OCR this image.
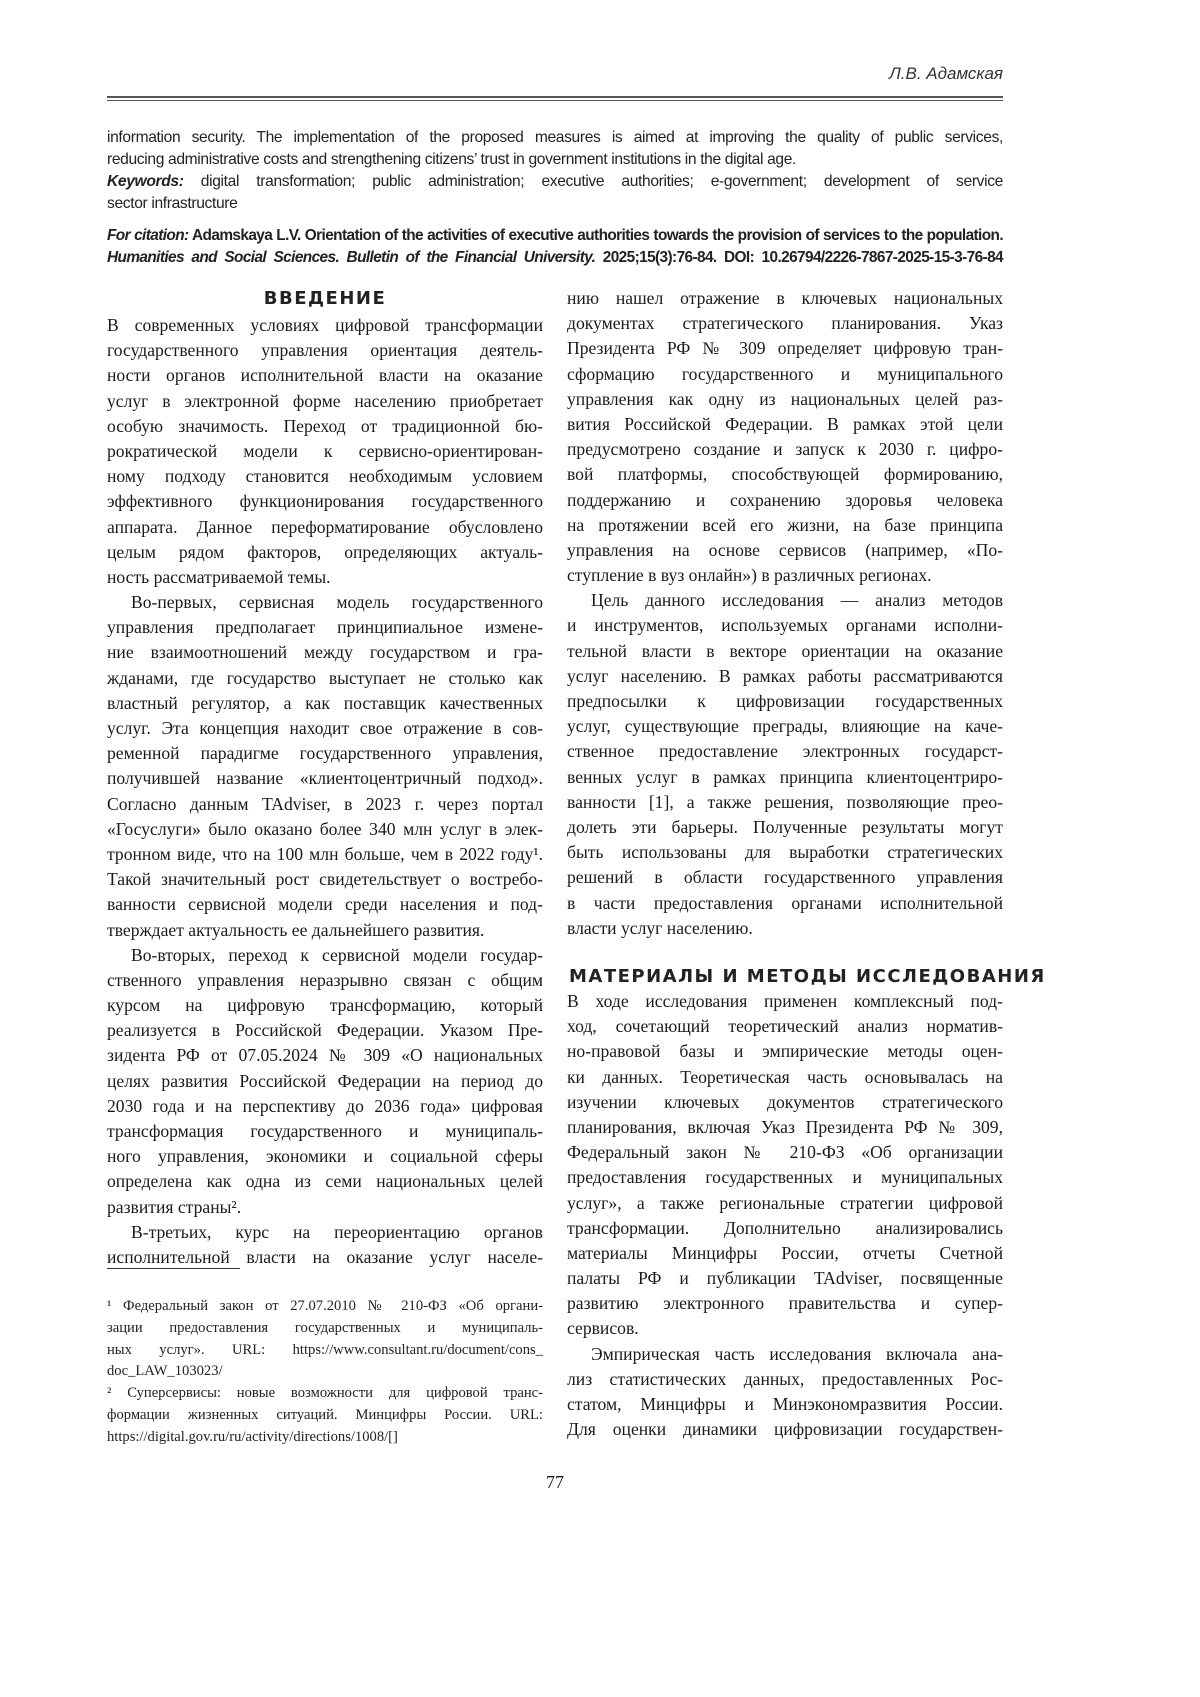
Л.В. Адамская
information security. The implementation of the proposed measures is aimed at improving the quality of public services,
reducing administrative costs and strengthening citizens’ trust in government institutions in the digital age.
Keywords: digital transformation; public administration; executive authorities; e-government; development of service
sector infrastructure
For citation: Adamskaya L.V. Orientation of the activities of executive authorities towards the provision of services to the population.
Humanities and Social Sciences. Bulletin of the Financial University. 2025;15(3):76-84. DOI: 10.26794/2226-7867-2025-15-3-76-84
ВВЕДЕНИЕ
В современных условиях цифровой трансформации
государственного управления ориентация деятель-
ности органов исполнительной власти на оказание
услуг в электронной форме населению приобретает
особую значимость. Переход от традиционной бю-
рократической модели к сервисно-ориентирован-
ному подходу становится необходимым условием
эффективного функционирования государственного
аппарата. Данное переформатирование обусловлено
целым рядом факторов, определяющих актуаль-
ность рассматриваемой темы.
Во-первых, сервисная модель государственного
управления предполагает принципиальное измене-
ние взаимоотношений между государством и гра-
жданами, где государство выступает не столько как
властный регулятор, а как поставщик качественных
услуг. Эта концепция находит свое отражение в сов-
ременной парадигме государственного управления,
получившей название «клиентоцентричный подход».
Согласно данным TAdviser, в 2023 г. через портал
«Госуслуги» было оказано более 340 млн услуг в элек-
тронном виде, что на 100 млн больше, чем в 2022 году¹.
Такой значительный рост свидетельствует о востребо-
ванности сервисной модели среди населения и под-
тверждает актуальность ее дальнейшего развития.
Во-вторых, переход к сервисной модели государ-
ственного управления неразрывно связан с общим
курсом на цифровую трансформацию, который
реализуется в Российской Федерации. Указом Пре-
зидента РФ от 07.05.2024 № 309 «О национальных
целях развития Российской Федерации на период до
2030 года и на перспективу до 2036 года» цифровая
трансформация государственного и муниципаль-
ного управления, экономики и социальной сферы
определена как одна из семи национальных целей
развития страны².
В-третьих, курс на переориентацию органов
исполнительной власти на оказание услуг населе-
нию нашел отражение в ключевых национальных
документах стратегического планирования. Указ
Президента РФ № 309 определяет цифровую тран-
сформацию государственного и муниципального
управления как одну из национальных целей раз-
вития Российской Федерации. В рамках этой цели
предусмотрено создание и запуск к 2030 г. цифро-
вой платформы, способствующей формированию,
поддержанию и сохранению здоровья человека
на протяжении всей его жизни, на базе принципа
управления на основе сервисов (например, «По-
ступление в вуз онлайн») в различных регионах.
Цель данного исследования — анализ методов
и инструментов, используемых органами исполни-
тельной власти в векторе ориентации на оказание
услуг населению. В рамках работы рассматриваются
предпосылки к цифровизации государственных
услуг, существующие преграды, влияющие на каче-
ственное предоставление электронных государст-
венных услуг в рамках принципа клиентоцентриро-
ванности [1], а также решения, позволяющие прео-
долеть эти барьеры. Полученные результаты могут
быть использованы для выработки стратегических
решений в области государственного управления
в части предоставления органами исполнительной
власти услуг населению.
МАТЕРИАЛЫ И МЕТОДЫ ИССЛЕДОВАНИЯ
В ходе исследования применен комплексный под-
ход, сочетающий теоретический анализ норматив-
но-правовой базы и эмпирические методы оцен-
ки данных. Теоретическая часть основывалась на
изучении ключевых документов стратегического
планирования, включая Указ Президента РФ № 309,
Федеральный закон № 210-ФЗ «Об организации
предоставления государственных и муниципальных
услуг», а также региональные стратегии цифровой
трансформации. Дополнительно анализировались
материалы Минцифры России, отчеты Счетной
палаты РФ и публикации TAdviser, посвященные
развитию электронного правительства и супер-
сервисов.
Эмпирическая часть исследования включала ана-
лиз статистических данных, предоставленных Рос-
статом, Минцифры и Минэкономразвития России.
Для оценки динамики цифровизации государствен-
¹ Федеральный закон от 27.07.2010 № 210-ФЗ «Об органи-
зации предоставления государственных и муниципаль-
ных услуг». URL: https://www.consultant.ru/document/cons_
doc_LAW_103023/
² Суперсервисы: новые возможности для цифровой транс-
формации жизненных ситуаций. Минцифры России. URL:
https://digital.gov.ru/ru/activity/directions/1008/[]
77
